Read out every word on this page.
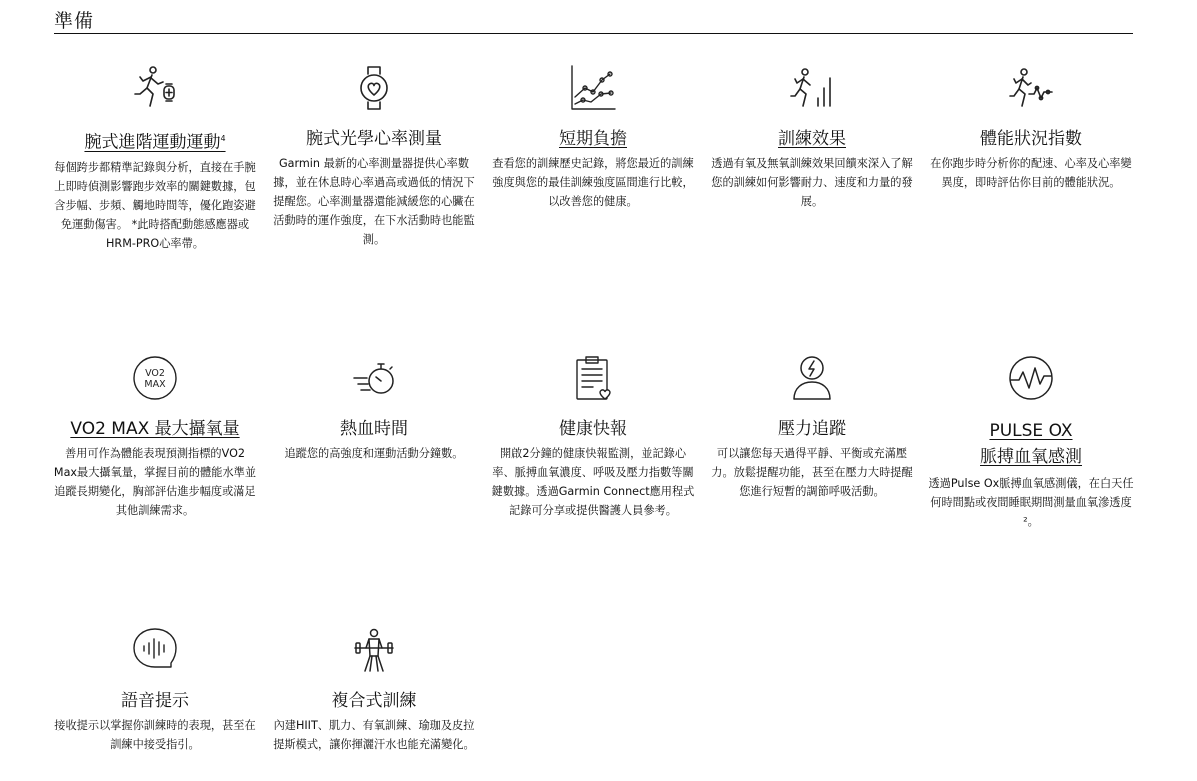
準備
腕式進階運動運動$^4$
每個跨步都精準記錄與分析，直接在手腕上即時偵測影響跑步效率的關鍵數據，包含步幅、步頻、觸地時間等，優化跑姿避免運動傷害。 *此時搭配動態感應器或HRM-PRO心率帶。
腕式光學心率測量
Garmin 最新的心率測量器提供心率數據，並在休息時心率過高或過低的情況下提醒您。心率測量器還能減緩您的心臟在活動時的運作強度，在下水活動時也能監測。
短期負擔
查看您的訓練歷史記錄，將您最近的訓練強度與您的最佳訓練強度區間進行比較，以改善您的健康。
訓練效果
透過有氧及無氧訓練效果回饋來深入了解您的訓練如何影響耐力、速度和力量的發展。
體能狀況指數
在你跑步時分析你的配速、心率及心率變異度，即時評估你目前的體能狀況。
VO2
MAX
VO2 MAX 最大攝氧量
善用可作為體能表現預測指標的VO2 Max最大攝氧量，掌握目前的體能水準並追蹤長期變化，胸部評估進步幅度或滿足其他訓練需求。
熱血時間
追蹤您的高強度和運動活動分鐘數。
健康快報
開啟2分鐘的健康快報監測，並記錄心率、脈搏血氧濃度、呼吸及壓力指數等關鍵數據。透過Garmin Connect應用程式記錄可分享或提供醫護人員參考。
壓力追蹤
可以讓您每天過得平靜、平衡或充滿壓力。放鬆提醒功能，甚至在壓力大時提醒您進行短暫的調節呼吸活動。
PULSE OX
脈搏血氧感測
透過Pulse Ox脈搏血氧感測儀，在白天任何時間點或夜間睡眠期間測量血氧滲透度²。
語音提示
接收提示以掌握你訓練時的表現，甚至在訓練中接受指引。
複合式訓練
內建HIIT、肌力、有氧訓練、瑜珈及皮拉提斯模式，讓你揮灑汗水也能充滿變化。
